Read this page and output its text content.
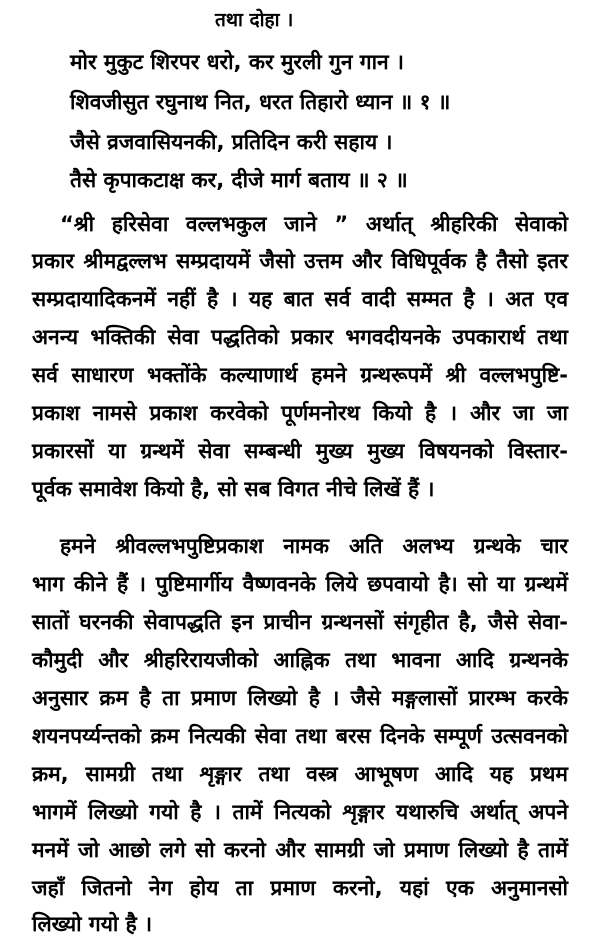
तथा दोहा ।
मोर मुकुट शिरपर धरो, कर मुरली गुन गान ।
शिवजीसुत रघुनाथ नित, धरत तिहारो ध्यान ॥ १ ॥
जैसे व्रजवासियनकी, प्रतिदिन करी सहाय ।
तैसे कृपाकटाक्ष कर, दीजे मार्ग बताय ॥ २ ॥
“श्री हरिसेवा वल्लभकुल जाने ” अर्थात् श्रीहरिकी सेवाको
प्रकार श्रीमद्वल्लभ सम्प्रदायमें जैसो उत्तम और विधिपूर्वक है तैसो इतर
सम्प्रदायादिकनमें नहीं है । यह बात सर्व वादी सम्मत है । अत एव
अनन्य भक्तिकी सेवा पद्धतिको प्रकार भगवदीयनके उपकारार्थ तथा
सर्व साधारण भक्तोंके कल्याणार्थ हमने ग्रन्थरूपमें श्री वल्लभपुष्टि-
प्रकाश नामसे प्रकाश करवेको पूर्णमनोरथ कियो है । और जा जा
प्रकारसों या ग्रन्थमें सेवा सम्बन्धी मुख्य मुख्य विषयनको विस्तार-
पूर्वक समावेश कियो है, सो सब विगत नीचे लिखें हैं ।
हमने श्रीवल्लभपुष्टिप्रकाश नामक अति अलभ्य ग्रन्थके चार
भाग कीने हैं । पुष्टिमार्गीय वैष्णवनके लिये छपवायो है। सो या ग्रन्थमें
सातों घरनकी सेवापद्धति इन प्राचीन ग्रन्थनसों संगृहीत है, जैसे सेवा-
कौमुदी और श्रीहरिरायजीको आह्निक तथा भावना आदि ग्रन्थनके
अनुसार क्रम है ता प्रमाण लिख्यो है । जैसे मङ्गलासों प्रारम्भ करके
शयनपर्य्यन्तको क्रम नित्यकी सेवा तथा बरस दिनके सम्पूर्ण उत्सवनको
क्रम, सामग्री तथा शृङ्गार तथा वस्त्र आभूषण आदि यह प्रथम
भागमें लिख्यो गयो है । तामें नित्यको शृङ्गार यथारुचि अर्थात् अपने
मनमें जो आछो लगे सो करनो और सामग्री जो प्रमाण लिख्यो है तामें
जहाँ जितनो नेग होय ता प्रमाण करनो, यहां एक अनुमानसो
लिख्यो गयो है ।
